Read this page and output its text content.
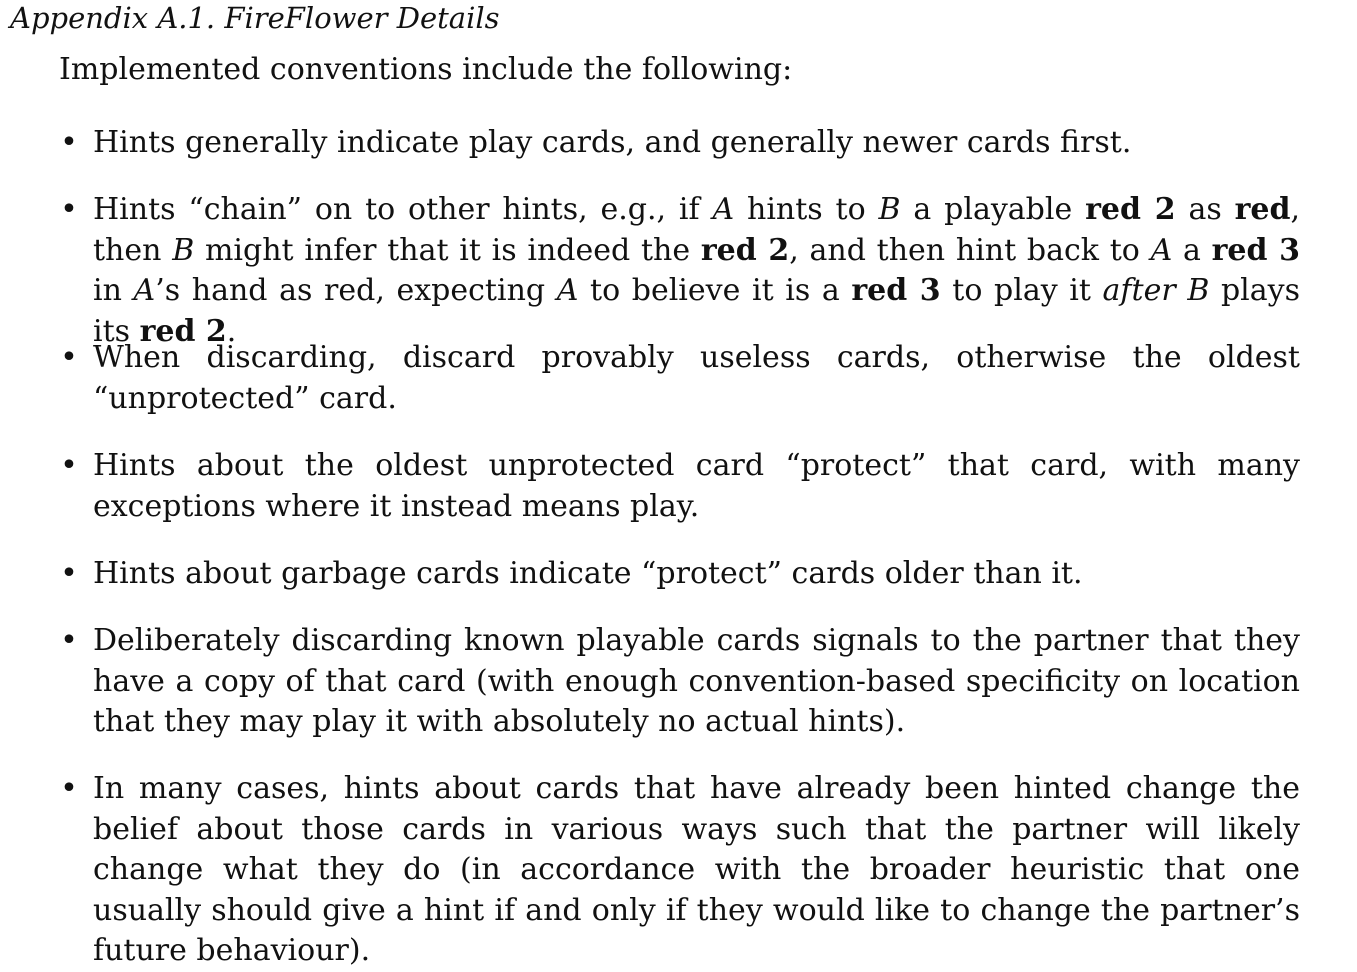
Appendix A.1. FireFlower Details
Implemented conventions include the following:
• Hints generally indicate play cards, and generally newer cards first.
• Hints “chain” on to other hints, e.g., if A hints to B a playable red 2 as red, then B might infer that it is indeed the red 2, and then hint back to A a red 3 in A’s hand as red, expecting A to believe it is a red 3 to play it after B plays its red 2.
• When discarding, discard provably useless cards, otherwise the oldest “unprotected” card.
• Hints about the oldest unprotected card “protect” that card, with many exceptions where it instead means play.
• Hints about garbage cards indicate “protect” cards older than it.
• Deliberately discarding known playable cards signals to the partner that they have a copy of that card (with enough convention-based specificity on location that they may play it with absolutely no actual hints).
• In many cases, hints about cards that have already been hinted change the belief about those cards in various ways such that the partner will likely change what they do (in accordance with the broader heuristic that one usually should give a hint if and only if they would like to change the partner’s future behaviour).
